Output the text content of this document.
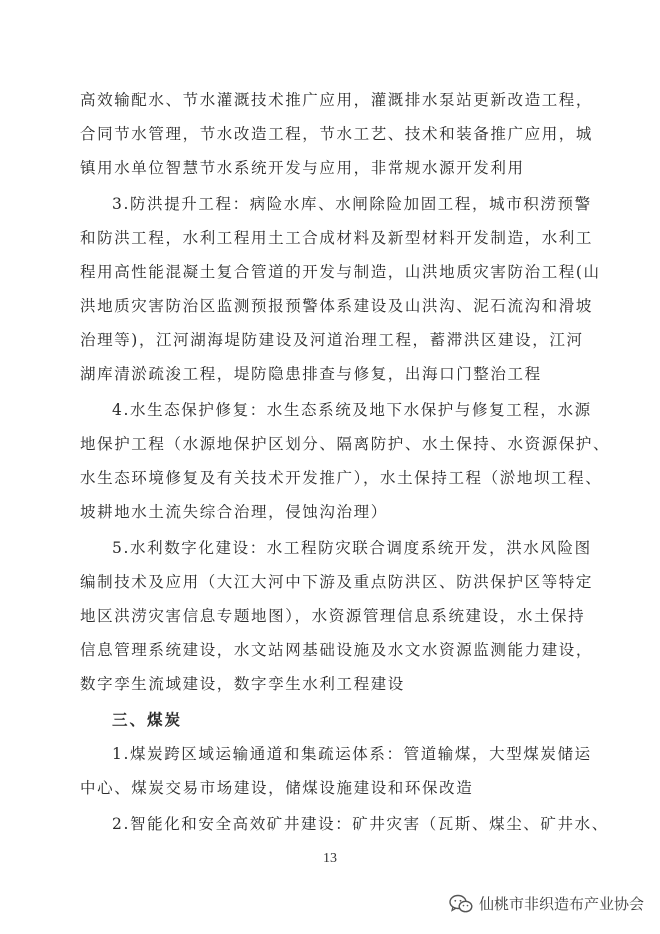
高效输配水、节水灌溉技术推广应用，灌溉排水泵站更新改造工程，
合同节水管理，节水改造工程，节水工艺、技术和装备推广应用，城
镇用水单位智慧节水系统开发与应用，非常规水源开发利用
3.防洪提升工程：病险水库、水闸除险加固工程，城市积涝预警
和防洪工程，水利工程用土工合成材料及新型材料开发制造，水利工
程用高性能混凝土复合管道的开发与制造，山洪地质灾害防治工程(山
洪地质灾害防治区监测预报预警体系建设及山洪沟、泥石流沟和滑坡
治理等)，江河湖海堤防建设及河道治理工程，蓄滞洪区建设，江河
湖库清淤疏浚工程，堤防隐患排查与修复，出海口门整治工程
4.水生态保护修复：水生态系统及地下水保护与修复工程，水源
地保护工程（水源地保护区划分、隔离防护、水土保持、水资源保护、
水生态环境修复及有关技术开发推广），水土保持工程（淤地坝工程、
坡耕地水土流失综合治理，侵蚀沟治理）
5.水利数字化建设：水工程防灾联合调度系统开发，洪水风险图
编制技术及应用（大江大河中下游及重点防洪区、防洪保护区等特定
地区洪涝灾害信息专题地图），水资源管理信息系统建设，水土保持
信息管理系统建设，水文站网基础设施及水文水资源监测能力建设，
数字孪生流域建设，数字孪生水利工程建设
三、煤炭
1.煤炭跨区域运输通道和集疏运体系：管道输煤，大型煤炭储运
中心、煤炭交易市场建设，储煤设施建设和环保改造
2.智能化和安全高效矿井建设：矿井灾害（瓦斯、煤尘、矿井水、
13
仙桃市非织造布产业协会
